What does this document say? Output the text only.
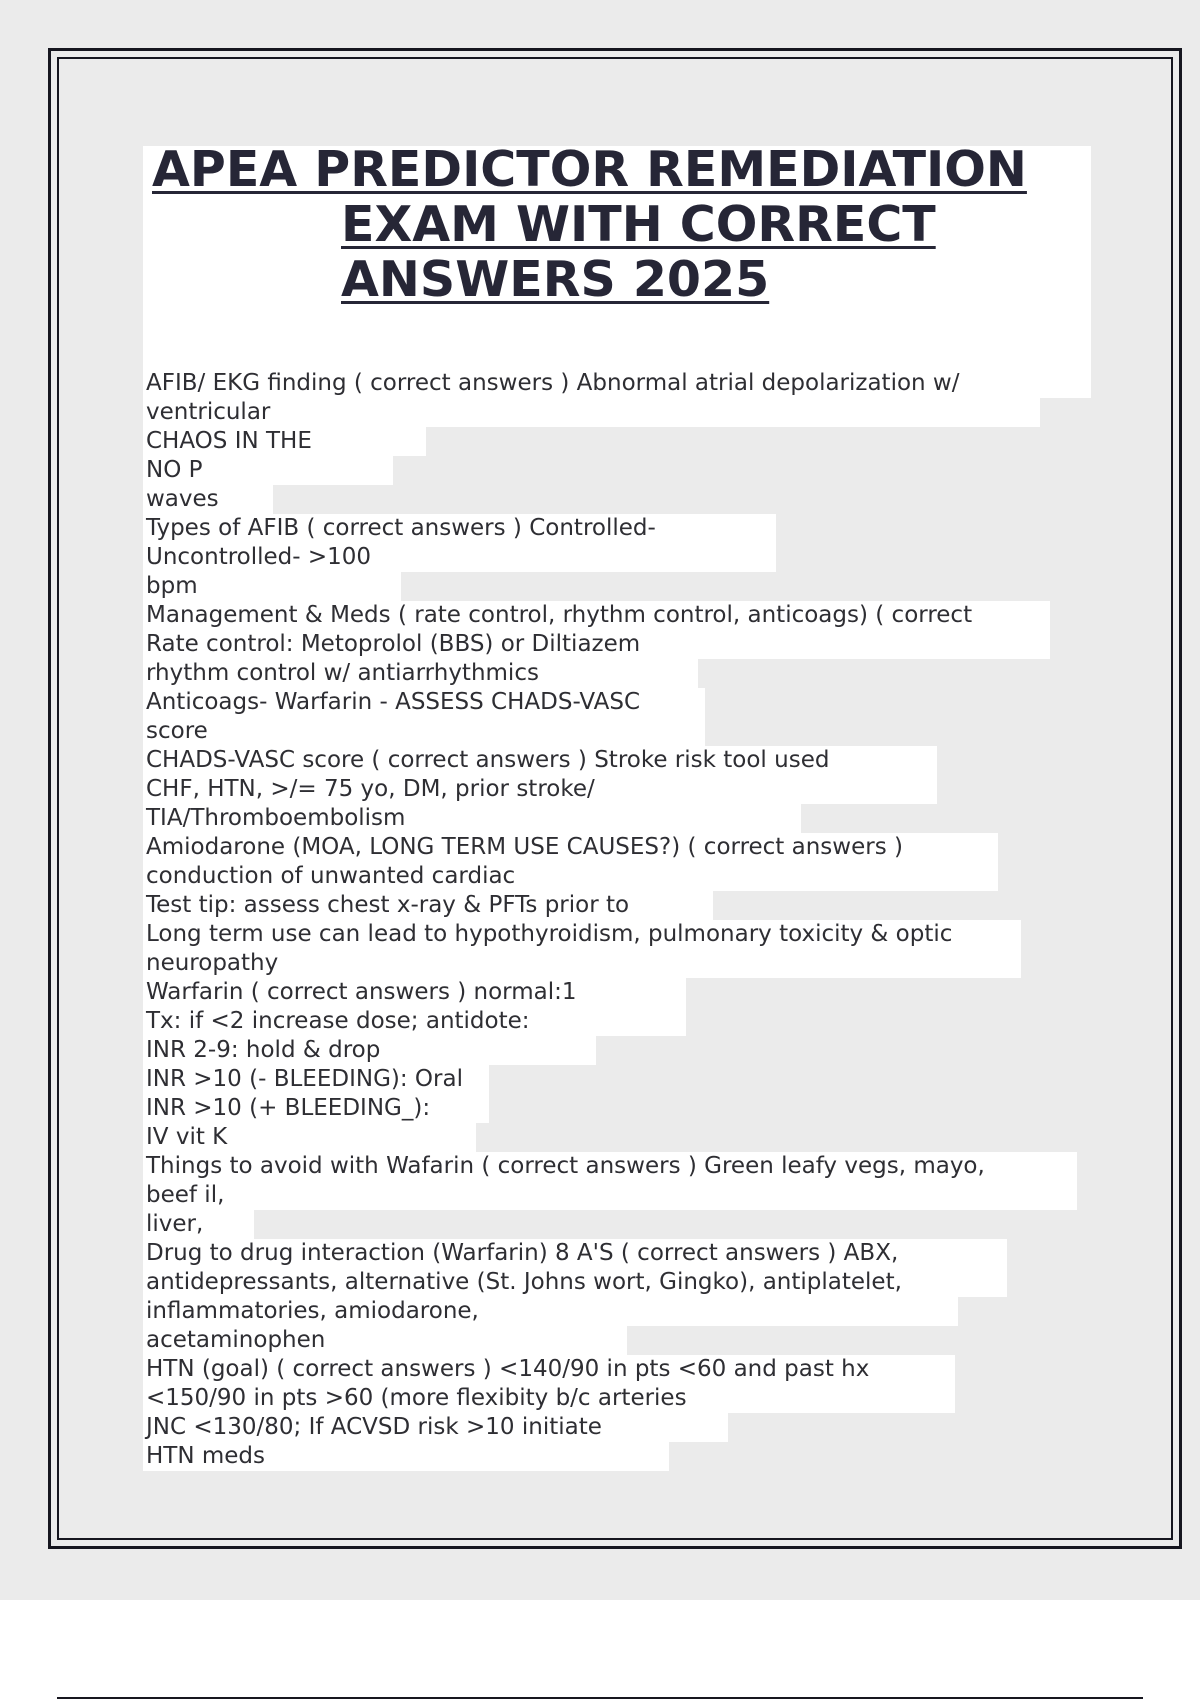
APEA PREDICTOR REMEDIATION
EXAM WITH CORRECT
ANSWERS 2025
AFIB/ EKG finding ( correct answers ) Abnormal atrial depolarization w/
ventricular
CHAOS IN THE
NO P
waves
Types of AFIB ( correct answers ) Controlled-
Uncontrolled- >100
bpm
Management & Meds ( rate control, rhythm control, anticoags) ( correct
Rate control: Metoprolol (BBS) or Diltiazem
rhythm control w/ antiarrhythmics
Anticoags- Warfarin - ASSESS CHADS-VASC
score
CHADS-VASC score ( correct answers ) Stroke risk tool used
CHF, HTN, >/= 75 yo, DM, prior stroke/
TIA/Thromboembolism
Amiodarone (MOA, LONG TERM USE CAUSES?) ( correct answers )
conduction of unwanted cardiac
Test tip: assess chest x-ray & PFTs prior to
Long term use can lead to hypothyroidism, pulmonary toxicity & optic
neuropathy
Warfarin ( correct answers ) normal:1
Tx: if <2 increase dose; antidote:
INR 2-9: hold & drop
INR >10 (- BLEEDING): Oral
INR >10 (+ BLEEDING_):
IV vit K
Things to avoid with Wafarin ( correct answers ) Green leafy vegs, mayo,
beef il,
liver,
Drug to drug interaction (Warfarin) 8 A'S ( correct answers ) ABX,
antidepressants, alternative (St. Johns wort, Gingko), antiplatelet,
inflammatories, amiodarone,
acetaminophen
HTN (goal) ( correct answers ) <140/90 in pts <60 and past hx
<150/90 in pts >60 (more flexibity b/c arteries
JNC <130/80; If ACVSD risk >10 initiate
HTN meds
